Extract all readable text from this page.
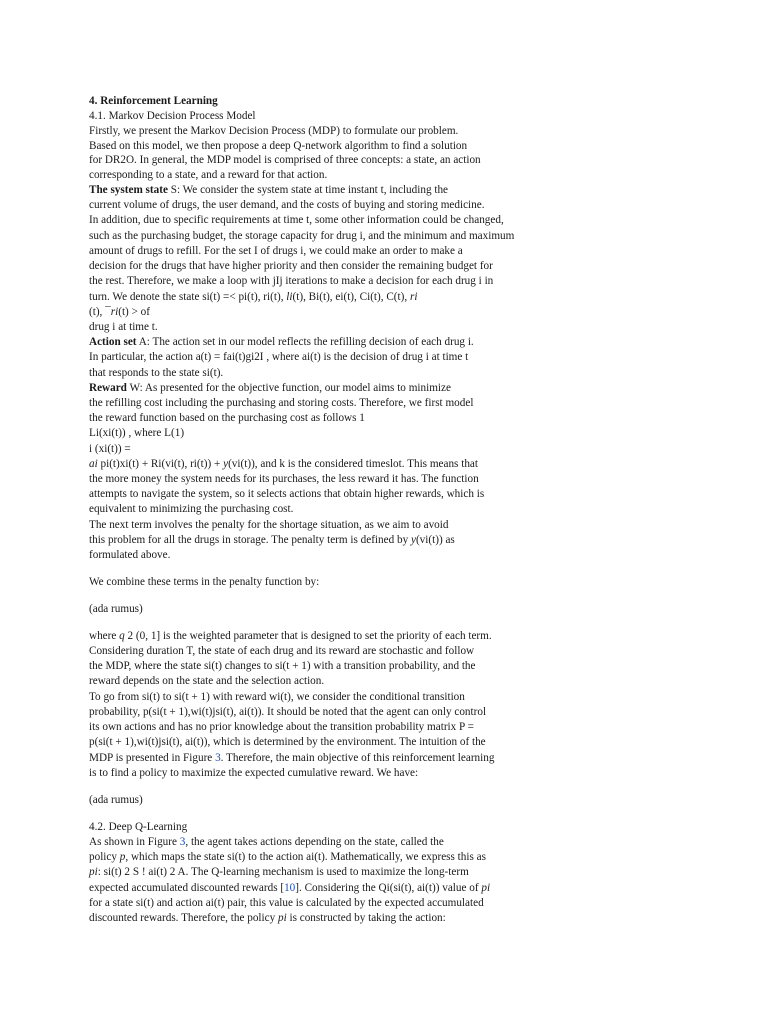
4. Reinforcement Learning
4.1. Markov Decision Process Model
Firstly, we present the Markov Decision Process (MDP) to formulate our problem.
Based on this model, we then propose a deep Q-network algorithm to find a solution
for DR2O. In general, the MDP model is comprised of three concepts: a state, an action
corresponding to a state, and a reward for that action.
The system state S: We consider the system state at time instant t, including the
current volume of drugs, the user demand, and the costs of buying and storing medicine.
In addition, due to specific requirements at time t, some other information could be changed,
such as the purchasing budget, the storage capacity for drug i, and the minimum and maximum
amount of drugs to refill. For the set I of drugs i, we could make an order to make a
decision for the drugs that have higher priority and then consider the remaining budget for
the rest. Therefore, we make a loop with jIj iterations to make a decision for each drug i in
turn. We denote the state si(t) =< pi(t), ri(t), li(t), Bi(t), ei(t), Ci(t), C(t), ri
(t), ¯ri(t) > of
drug i at time t.
Action set A: The action set in our model reflects the refilling decision of each drug i.
In particular, the action a(t) = fai(t)gi2I , where ai(t) is the decision of drug i at time t
that responds to the state si(t).
Reward W: As presented for the objective function, our model aims to minimize
the refilling cost including the purchasing and storing costs. Therefore, we first model
the reward function based on the purchasing cost as follows 1
Li(xi(t)) , where L(1)
i (xi(t)) =
ai pi(t)xi(t) + Ri(vi(t), ri(t)) + y(vi(t)), and k is the considered timeslot. This means that
the more money the system needs for its purchases, the less reward it has. The function
attempts to navigate the system, so it selects actions that obtain higher rewards, which is
equivalent to minimizing the purchasing cost.
The next term involves the penalty for the shortage situation, as we aim to avoid
this problem for all the drugs in storage. The penalty term is defined by y(vi(t)) as
formulated above.
We combine these terms in the penalty function by:
(ada rumus)
where q 2 (0, 1] is the weighted parameter that is designed to set the priority of each term.
Considering duration T, the state of each drug and its reward are stochastic and follow
the MDP, where the state si(t) changes to si(t + 1) with a transition probability, and the
reward depends on the state and the selection action.
To go from si(t) to si(t + 1) with reward wi(t), we consider the conditional transition
probability, p(si(t + 1),wi(t)jsi(t), ai(t)). It should be noted that the agent can only control
its own actions and has no prior knowledge about the transition probability matrix P =
p(si(t + 1),wi(t)jsi(t), ai(t)), which is determined by the environment. The intuition of the
MDP is presented in Figure 3. Therefore, the main objective of this reinforcement learning
is to find a policy to maximize the expected cumulative reward. We have:
(ada rumus)
4.2. Deep Q-Learning
As shown in Figure 3, the agent takes actions depending on the state, called the
policy p, which maps the state si(t) to the action ai(t). Mathematically, we express this as
pi: si(t) 2 S ! ai(t) 2 A. The Q-learning mechanism is used to maximize the long-term
expected accumulated discounted rewards [10]. Considering the Qi(si(t), ai(t)) value of pi
for a state si(t) and action ai(t) pair, this value is calculated by the expected accumulated
discounted rewards. Therefore, the policy pi is constructed by taking the action:
